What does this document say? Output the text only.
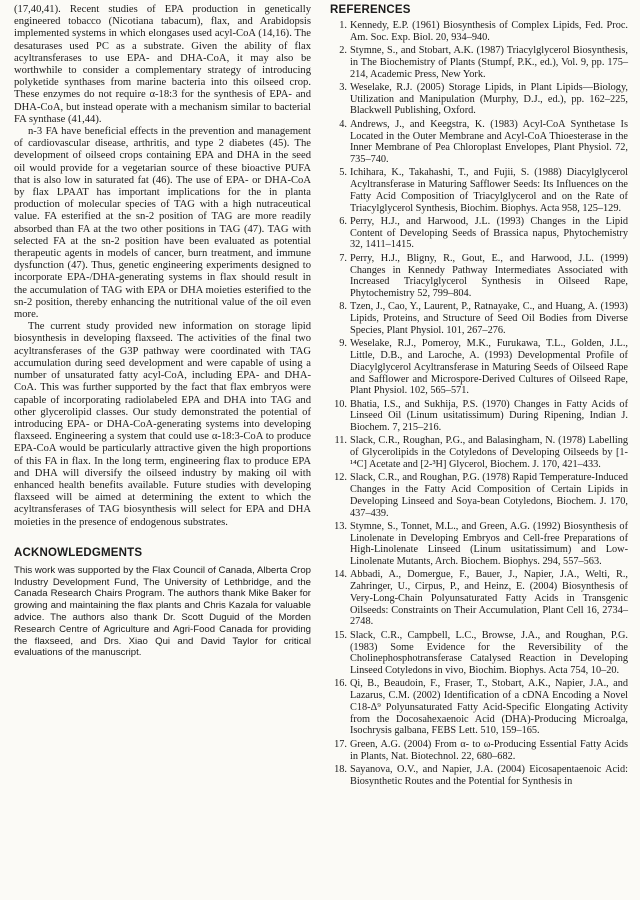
(17,40,41). Recent studies of EPA production in genetically engineered tobacco (Nicotiana tabacum), flax, and Arabidopsis implemented systems in which elongases used acyl-CoA (14,16). The desaturases used PC as a substrate. Given the ability of flax acyltransferases to use EPA- and DHA-CoA, it may also be worthwhile to consider a complementary strategy of introducing polyketide synthases from marine bacteria into this oilseed crop. These enzymes do not require α-18:3 for the synthesis of EPA- and DHA-CoA, but instead operate with a mechanism similar to bacterial FA synthase (41,44).

n-3 FA have beneficial effects in the prevention and management of cardiovascular disease, arthritis, and type 2 diabetes (45). The development of oilseed crops containing EPA and DHA in the seed oil would provide for a vegetarian source of these bioactive PUFA that is also low in saturated fat (46). The use of EPA- or DHA-CoA by flax LPAAT has important implications for the in planta production of molecular species of TAG with a high nutraceutical value. FA esterified at the sn-2 position of TAG are more readily absorbed than FA at the two other positions in TAG (47). TAG with selected FA at the sn-2 position have been evaluated as potential therapeutic agents in models of cancer, burn treatment, and immune dysfunction (47). Thus, genetic engineering experiments designed to incorporate EPA-/DHA-generating systems in flax should result in the accumulation of TAG with EPA or DHA moieties esterified to the sn-2 position, thereby enhancing the nutritional value of the oil even more.

The current study provided new information on storage lipid biosynthesis in developing flaxseed. The activities of the final two acyltransferases of the G3P pathway were coordinated with TAG accumulation during seed development and were capable of using a number of unsaturated fatty acyl-CoA, including EPA- and DHA-CoA. This was further supported by the fact that flax embryos were capable of incorporating radiolabeled EPA and DHA into TAG and other glycerolipid classes. Our study demonstrated the potential of introducing EPA- or DHA-CoA-generating systems into developing flaxseed. Engineering a system that could use α-18:3-CoA to produce EPA-CoA would be particularly attractive given the high proportions of this FA in flax. In the long term, engineering flax to produce EPA and DHA will diversify the oilseed industry by making oil with enhanced health benefits available. Future studies with developing flaxseed will be aimed at determining the extent to which the acyltransferases of TAG biosynthesis will select for EPA and DHA moieties in the presence of endogenous substrates.

ACKNOWLEDGMENTS

This work was supported by the Flax Council of Canada, Alberta Crop Industry Development Fund, The University of Lethbridge, and the Canada Research Chairs Program. The authors thank Mike Baker for growing and maintaining the flax plants and Chris Kazala for valuable advice. The authors also thank Dr. Scott Duguid of the Morden Research Centre of Agriculture and Agri-Food Canada for providing the flaxseed, and Drs. Xiao Qui and David Taylor for critical evaluations of the manuscript.

REFERENCES
1. Kennedy, E.P. (1961) Biosynthesis of Complex Lipids, Fed. Proc. Am. Soc. Exp. Biol. 20, 934–940.
2. Stymne, S., and Stobart, A.K. (1987) Triacylglycerol Biosynthesis, in The Biochemistry of Plants (Stumpf, P.K., ed.), Vol. 9, pp. 175–214, Academic Press, New York.
3. Weselake, R.J. (2005) Storage Lipids, in Plant Lipids—Biology, Utilization and Manipulation (Murphy, D.J., ed.), pp. 162–225, Blackwell Publishing, Oxford.
4. Andrews, J., and Keegstra, K. (1983) Acyl-CoA Synthetase Is Located in the Outer Membrane and Acyl-CoA Thioesterase in the Inner Membrane of Pea Chloroplast Envelopes, Plant Physiol. 72, 735–740.
5. Ichihara, K., Takahashi, T., and Fujii, S. (1988) Diacylglycerol Acyltransferase in Maturing Safflower Seeds: Its Influences on the Fatty Acid Composition of Triacylglycerol and on the Rate of Triacylglycerol Synthesis, Biochim. Biophys. Acta 958, 125–129.
6. Perry, H.J., and Harwood, J.L. (1993) Changes in the Lipid Content of Developing Seeds of Brassica napus, Phytochemistry 32, 1411–1415.
7. Perry, H.J., Bligny, R., Gout, E., and Harwood, J.L. (1999) Changes in Kennedy Pathway Intermediates Associated with Increased Triacylglycerol Synthesis in Oilseed Rape, Phytochemistry 52, 799–804.
8. Tzen, J., Cao, Y., Laurent, P., Ratnayake, C., and Huang, A. (1993) Lipids, Proteins, and Structure of Seed Oil Bodies from Diverse Species, Plant Physiol. 101, 267–276.
9. Weselake, R.J., Pomeroy, M.K., Furukawa, T.L., Golden, J.L., Little, D.B., and Laroche, A. (1993) Developmental Profile of Diacylglycerol Acyltransferase in Maturing Seeds of Oilseed Rape and Safflower and Microspore-Derived Cultures of Oilseed Rape, Plant Physiol. 102, 565–571.
10. Bhatia, I.S., and Sukhija, P.S. (1970) Changes in Fatty Acids of Linseed Oil (Linum usitatissimum) During Ripening, Indian J. Biochem. 7, 215–216.
11. Slack, C.R., Roughan, P.G., and Balasingham, N. (1978) Labelling of Glycerolipids in the Cotyledons of Developing Oilseeds by [1-¹⁴C] Acetate and [2-³H] Glycerol, Biochem. J. 170, 421–433.
12. Slack, C.R., and Roughan, P.G. (1978) Rapid Temperature-Induced Changes in the Fatty Acid Composition of Certain Lipids in Developing Linseed and Soya-bean Cotyledons, Biochem. J. 170, 437–439.
13. Stymne, S., Tonnet, M.L., and Green, A.G. (1992) Biosynthesis of Linolenate in Developing Embryos and Cell-free Preparations of High-Linolenate Linseed (Linum usitatissimum) and Low-Linolenate Mutants, Arch. Biochem. Biophys. 294, 557–563.
14. Abbadi, A., Domergue, F., Bauer, J., Napier, J.A., Welti, R., Zahringer, U., Cirpus, P., and Heinz, E. (2004) Biosynthesis of Very-Long-Chain Polyunsaturated Fatty Acids in Transgenic Oilseeds: Constraints on Their Accumulation, Plant Cell 16, 2734–2748.
15. Slack, C.R., Campbell, L.C., Browse, J.A., and Roughan, P.G. (1983) Some Evidence for the Reversibility of the Cholinephosphotransferase Catalysed Reaction in Developing Linseed Cotyledons in vivo, Biochim. Biophys. Acta 754, 10–20.
16. Qi, B., Beaudoin, F., Fraser, T., Stobart, A.K., Napier, J.A., and Lazarus, C.M. (2002) Identification of a cDNA Encoding a Novel C18-Δ⁹ Polyunsaturated Fatty Acid-Specific Elongating Activity from the Docosahexaenoic Acid (DHA)-Producing Microalga, Isochrysis galbana, FEBS Lett. 510, 159–165.
17. Green, A.G. (2004) From α- to ω-Producing Essential Fatty Acids in Plants, Nat. Biotechnol. 22, 680–682.
18. Sayanova, O.V., and Napier, J.A. (2004) Eicosapentaenoic Acid: Biosynthetic Routes and the Potential for Synthesis in
